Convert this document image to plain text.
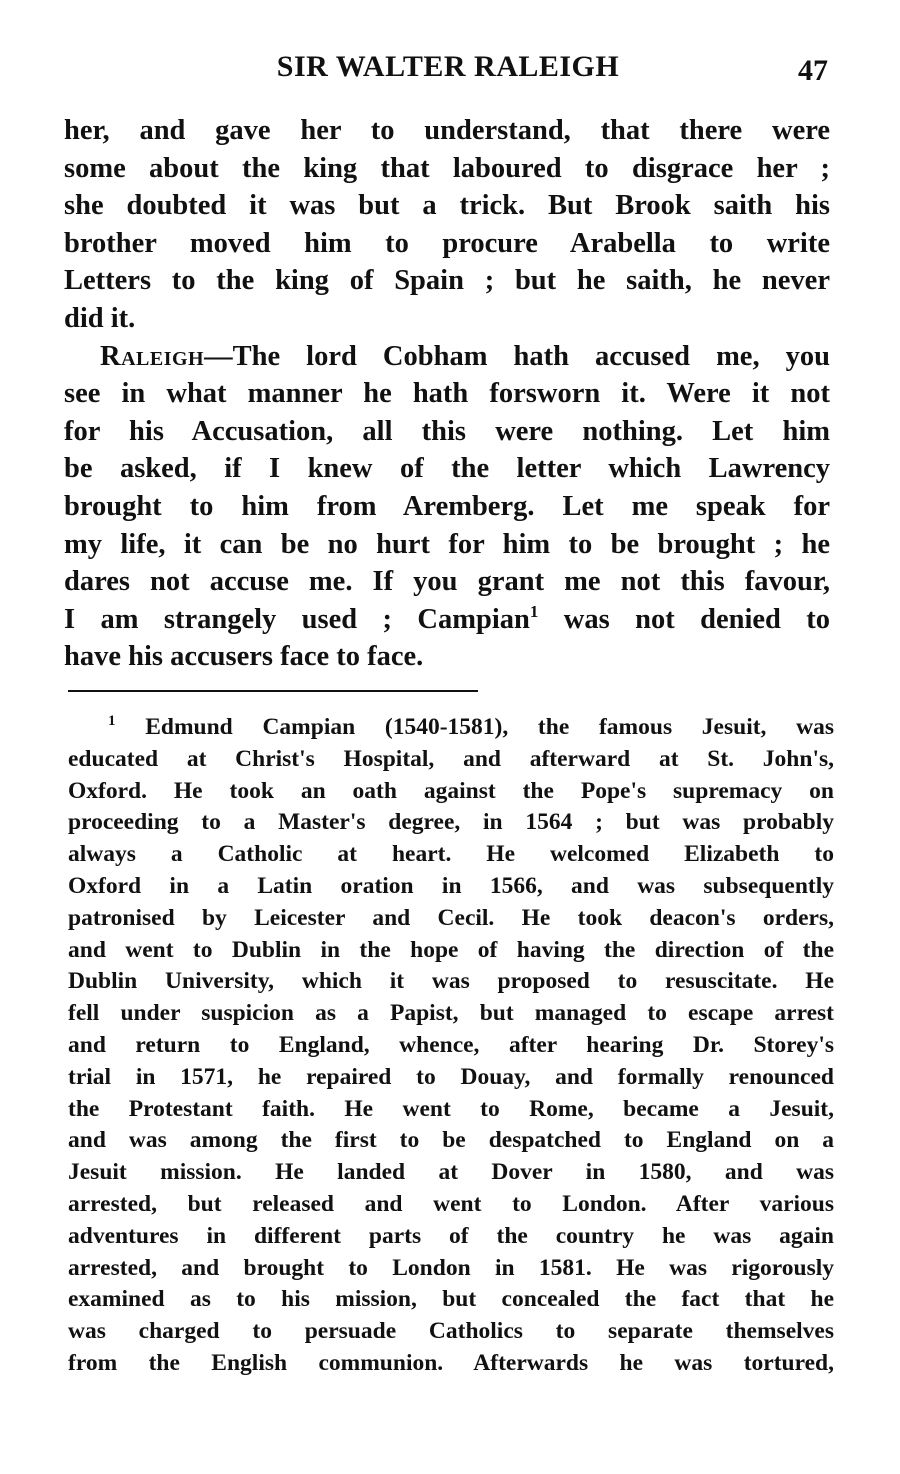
SIR WALTER RALEIGH	47
her, and gave her to understand, that there were
some about the king that laboured to disgrace her ;
she doubted it was but a trick. But Brook saith his
brother moved him to procure Arabella to write
Letters to the king of Spain ; but he saith, he never
did it.
Raleigh—The lord Cobham hath accused me, you
see in what manner he hath forsworn it. Were it not
for his Accusation, all this were nothing. Let him
be asked, if I knew of the letter which Lawrency
brought to him from Aremberg. Let me speak for
my life, it can be no hurt for him to be brought ; he
dares not accuse me. If you grant me not this favour,
I am strangely used ; Campian$^1$ was not denied to
have his accusers face to face.
$^1$ Edmund Campian (1540-1581), the famous Jesuit, was
educated at Christ's Hospital, and afterward at St. John's,
Oxford. He took an oath against the Pope's supremacy on
proceeding to a Master's degree, in 1564 ; but was probably
always a Catholic at heart. He welcomed Elizabeth to
Oxford in a Latin oration in 1566, and was subsequently
patronised by Leicester and Cecil. He took deacon's orders,
and went to Dublin in the hope of having the direction of the
Dublin University, which it was proposed to resuscitate. He
fell under suspicion as a Papist, but managed to escape arrest
and return to England, whence, after hearing Dr. Storey's
trial in 1571, he repaired to Douay, and formally renounced
the Protestant faith. He went to Rome, became a Jesuit,
and was among the first to be despatched to England on a
Jesuit mission. He landed at Dover in 1580, and was
arrested, but released and went to London. After various
adventures in different parts of the country he was again
arrested, and brought to London in 1581. He was rigorously
examined as to his mission, but concealed the fact that he
was charged to persuade Catholics to separate themselves
from the English communion. Afterwards he was tortured,
